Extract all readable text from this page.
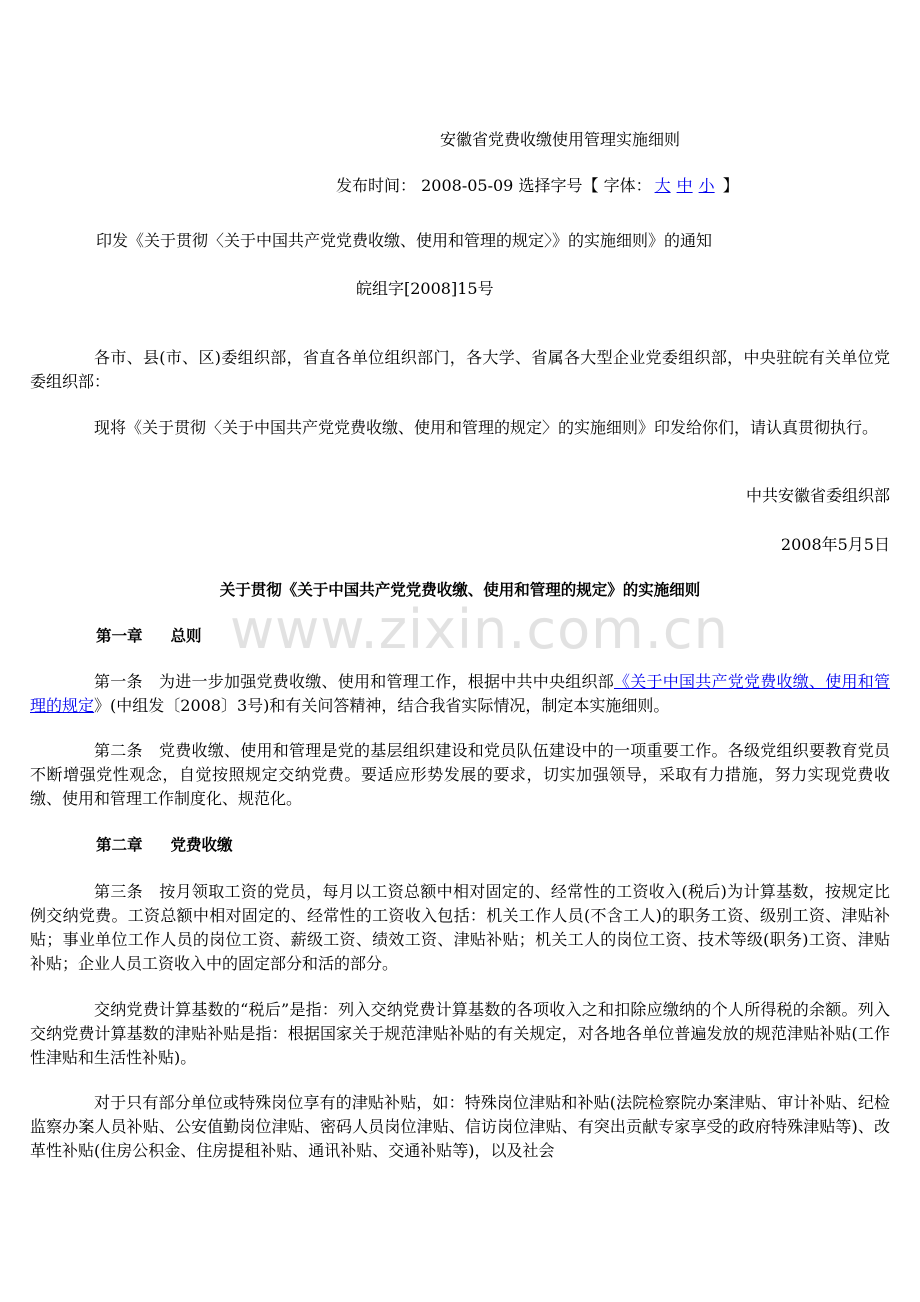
www.zixin.com.cn
安徽省党费收缴使用管理实施细则
发布时间： 2008-05-09 选择字号【 字体： 大 中 小 】
印发《关于贯彻〈关于中国共产党党费收缴、使用和管理的规定〉》的实施细则》的通知
皖组字[2008]15号
各市、县(市、区)委组织部，省直各单位组织部门，各大学、省属各大型企业党委组织部，中央驻皖有关单位党委组织部：
现将《关于贯彻〈关于中国共产党党费收缴、使用和管理的规定〉的实施细则》印发给你们，请认真贯彻执行。
中共安徽省委组织部
2008年5月5日
关于贯彻《关于中国共产党党费收缴、使用和管理的规定》的实施细则
第一章 总则
第一条　为进一步加强党费收缴、使用和管理工作，根据中共中央组织部《关于中国共产党党费收缴、使用和管理的规定》(中组发〔2008〕3号)和有关问答精神，结合我省实际情况，制定本实施细则。
第二条　党费收缴、使用和管理是党的基层组织建设和党员队伍建设中的一项重要工作。各级党组织要教育党员不断增强党性观念，自觉按照规定交纳党费。要适应形势发展的要求，切实加强领导，采取有力措施，努力实现党费收缴、使用和管理工作制度化、规范化。
第二章 党费收缴
第三条　按月领取工资的党员，每月以工资总额中相对固定的、经常性的工资收入(税后)为计算基数，按规定比例交纳党费。工资总额中相对固定的、经常性的工资收入包括：机关工作人员(不含工人)的职务工资、级别工资、津贴补贴；事业单位工作人员的岗位工资、薪级工资、绩效工资、津贴补贴；机关工人的岗位工资、技术等级(职务)工资、津贴补贴；企业人员工资收入中的固定部分和活的部分。
交纳党费计算基数的“税后”是指：列入交纳党费计算基数的各项收入之和扣除应缴纳的个人所得税的余额。列入交纳党费计算基数的津贴补贴是指：根据国家关于规范津贴补贴的有关规定，对各地各单位普遍发放的规范津贴补贴(工作性津贴和生活性补贴)。
对于只有部分单位或特殊岗位享有的津贴补贴，如：特殊岗位津贴和补贴(法院检察院办案津贴、审计补贴、纪检监察办案人员补贴、公安值勤岗位津贴、密码人员岗位津贴、信访岗位津贴、有突出贡献专家享受的政府特殊津贴等)、改革性补贴(住房公积金、住房提租补贴、通讯补贴、交通补贴等)，以及社会
